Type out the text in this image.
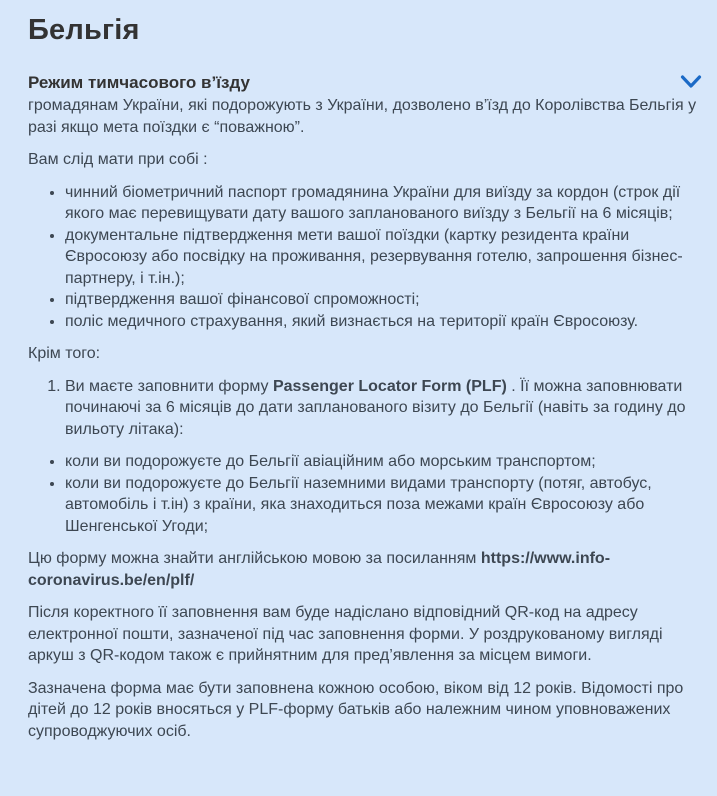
Бельгія
Режим тимчасового в’їзду

громадянам України, які подорожують з України, дозволено в’їзд до Королівства Бельгія у разі якщо мета поїздки є “поважною”.

Вам слід мати при собі :

• чинний біометричний паспорт громадянина України для виїзду за кордон (строк дії якого має перевищувати дату вашого запланованого виїзду з Бельгії на 6 місяців;
• документальне підтвердження мети вашої поїздки (картку резидента країни Євросоюзу або посвідку на проживання, резервування готелю, запрошення бізнес-партнеру, і т.ін.);
• підтвердження вашої фінансової спроможності;
• поліс медичного страхування, який визнається на території країн Євросоюзу.

Крім того:

1. Ви маєте заповнити форму Passenger Locator Form (PLF) . Її можна заповнювати починаючі за 6 місяців до дати запланованого візиту до Бельгії (навіть за годину до вильоту літака):
• коли ви подорожуєте до Бельгії авіаційним або морським транспортом;
• коли ви подорожуєте до Бельгії наземними видами транспорту (потяг, автобус, автомобіль і т.ін) з країни, яка знаходиться поза межами країн Євросоюзу або Шенгенської Угоди;

Цю форму можна знайти англійською мовою за посиланням https://www.info-coronavirus.be/en/plf/

Після коректного її заповнення вам буде надіслано відповідний QR-код на адресу електронної пошти, зазначеної під час заповнення форми. У роздрукованому вигляді аркуш з QR-кодом також є прийнятним для пред’явлення за місцем вимоги.

Зазначена форма має бути заповнена кожною особою, віком від 12 років. Відомості про дітей до 12 років вносяться у PLF-форму батьків або належним чином уповноважених супроводжуючих осіб.
